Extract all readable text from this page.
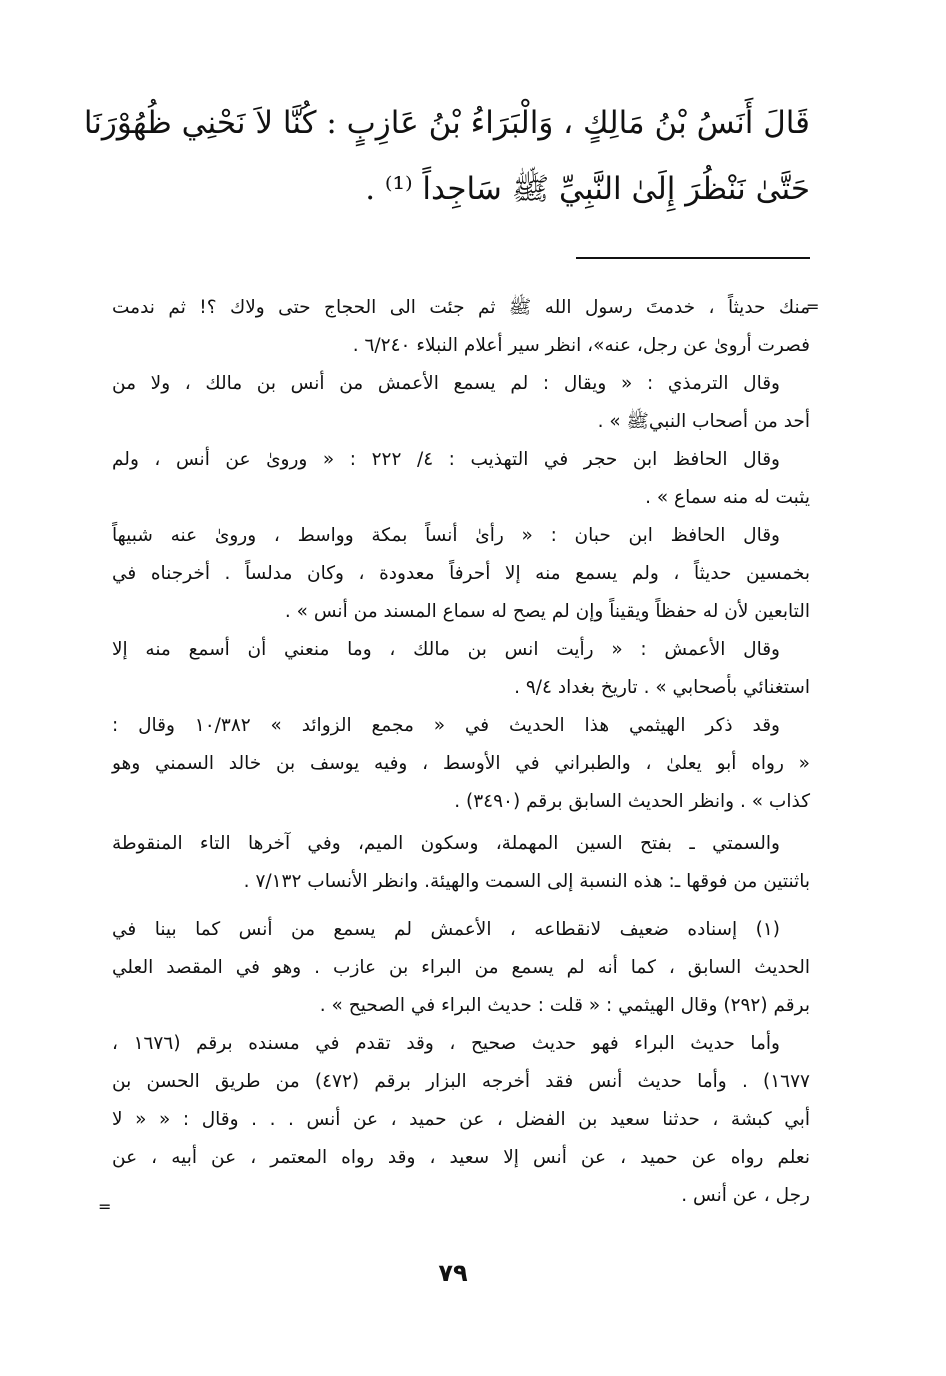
قَالَ أَنَسُ بْنُ مَالِكٍ ، وَالْبَرَاءُ بْنُ عَازِبٍ : كُنَّا لاَ نَحْنِي ظُهُوْرَنَا
حَتَّىٰ نَنْظُرَ إِلَىٰ النَّبِيِّ ﷺ سَاجِداً ⁽¹⁾ .
=
منك حديثاً ، خدمتَ رسول الله ﷺ ثم جئت الى الحجاج حتى ولاك ؟! ثم ندمت
فصرت أروىٰ عن رجل، عنه»، انظر سير أعلام النبلاء ٦/٢٤٠ .
وقال الترمذي : « ويقال : لم يسمع الأعمش من أنس بن مالك ، ولا من
أحد من أصحاب النبيﷺ » .
وقال الحافظ ابن حجر في التهذيب : ٤/ ٢٢٢ : « وروىٰ عن أنس ، ولم
يثبت له منه سماع » .
وقال الحافظ ابن حبان : « رأىٰ أنساً بمكة وواسط ، وروىٰ عنه شبيهاً
بخمسين حديثاً ، ولم يسمع منه إلا أحرفاً معدودة ، وكان مدلساً . أخرجناه في
التابعين لأن له حفظاً ويقيناً وإن لم يصح له سماع المسند من أنس » .
وقال الأعمش : « رأيت انس بن مالك ، وما منعني أن أسمع منه إلا
استغنائي بأصحابي » . تاريخ بغداد ٩/٤ .
وقد ذكر الهيثمي هذا الحديث في « مجمع الزوائد » ١٠/٣٨٢ وقال :
« رواه أبو يعلىٰ ، والطبراني في الأوسط ، وفيه يوسف بن خالد السمني وهو
كذاب » . وانظر الحديث السابق برقم (٣٤٩٠) .
والسمتي ـ بفتح السين المهملة، وسكون الميم، وفي آخرها التاء المنقوطة
باثنتين من فوقها ـ: هذه النسبة إلى السمت والهيئة. وانظر الأنساب ٧/١٣٢ .
(١) إسناده ضعيف لانقطاعه ، الأعمش لم يسمع من أنس كما بينا في
الحديث السابق ، كما أنه لم يسمع من البراء بن عازب . وهو في المقصد العلي
برقم (٢٩٢) وقال الهيثمي : « قلت : حديث البراء في الصحيح » .
وأما حديث البراء فهو حديث صحيح ، وقد تقدم في مسنده برقم (١٦٧٦ ،
١٦٧٧) . وأما حديث أنس فقد أخرجه البزار برقم (٤٧٢) من طريق الحسن بن
أبي كبشة ، حدثنا سعيد بن الفضل ، عن حميد ، عن أنس . . . وقال : « « لا
نعلم رواه عن حميد ، عن أنس إلا سعيد ، وقد رواه المعتمر ، عن أبيه ، عن
رجل ، عن أنس .
=
٧٩
